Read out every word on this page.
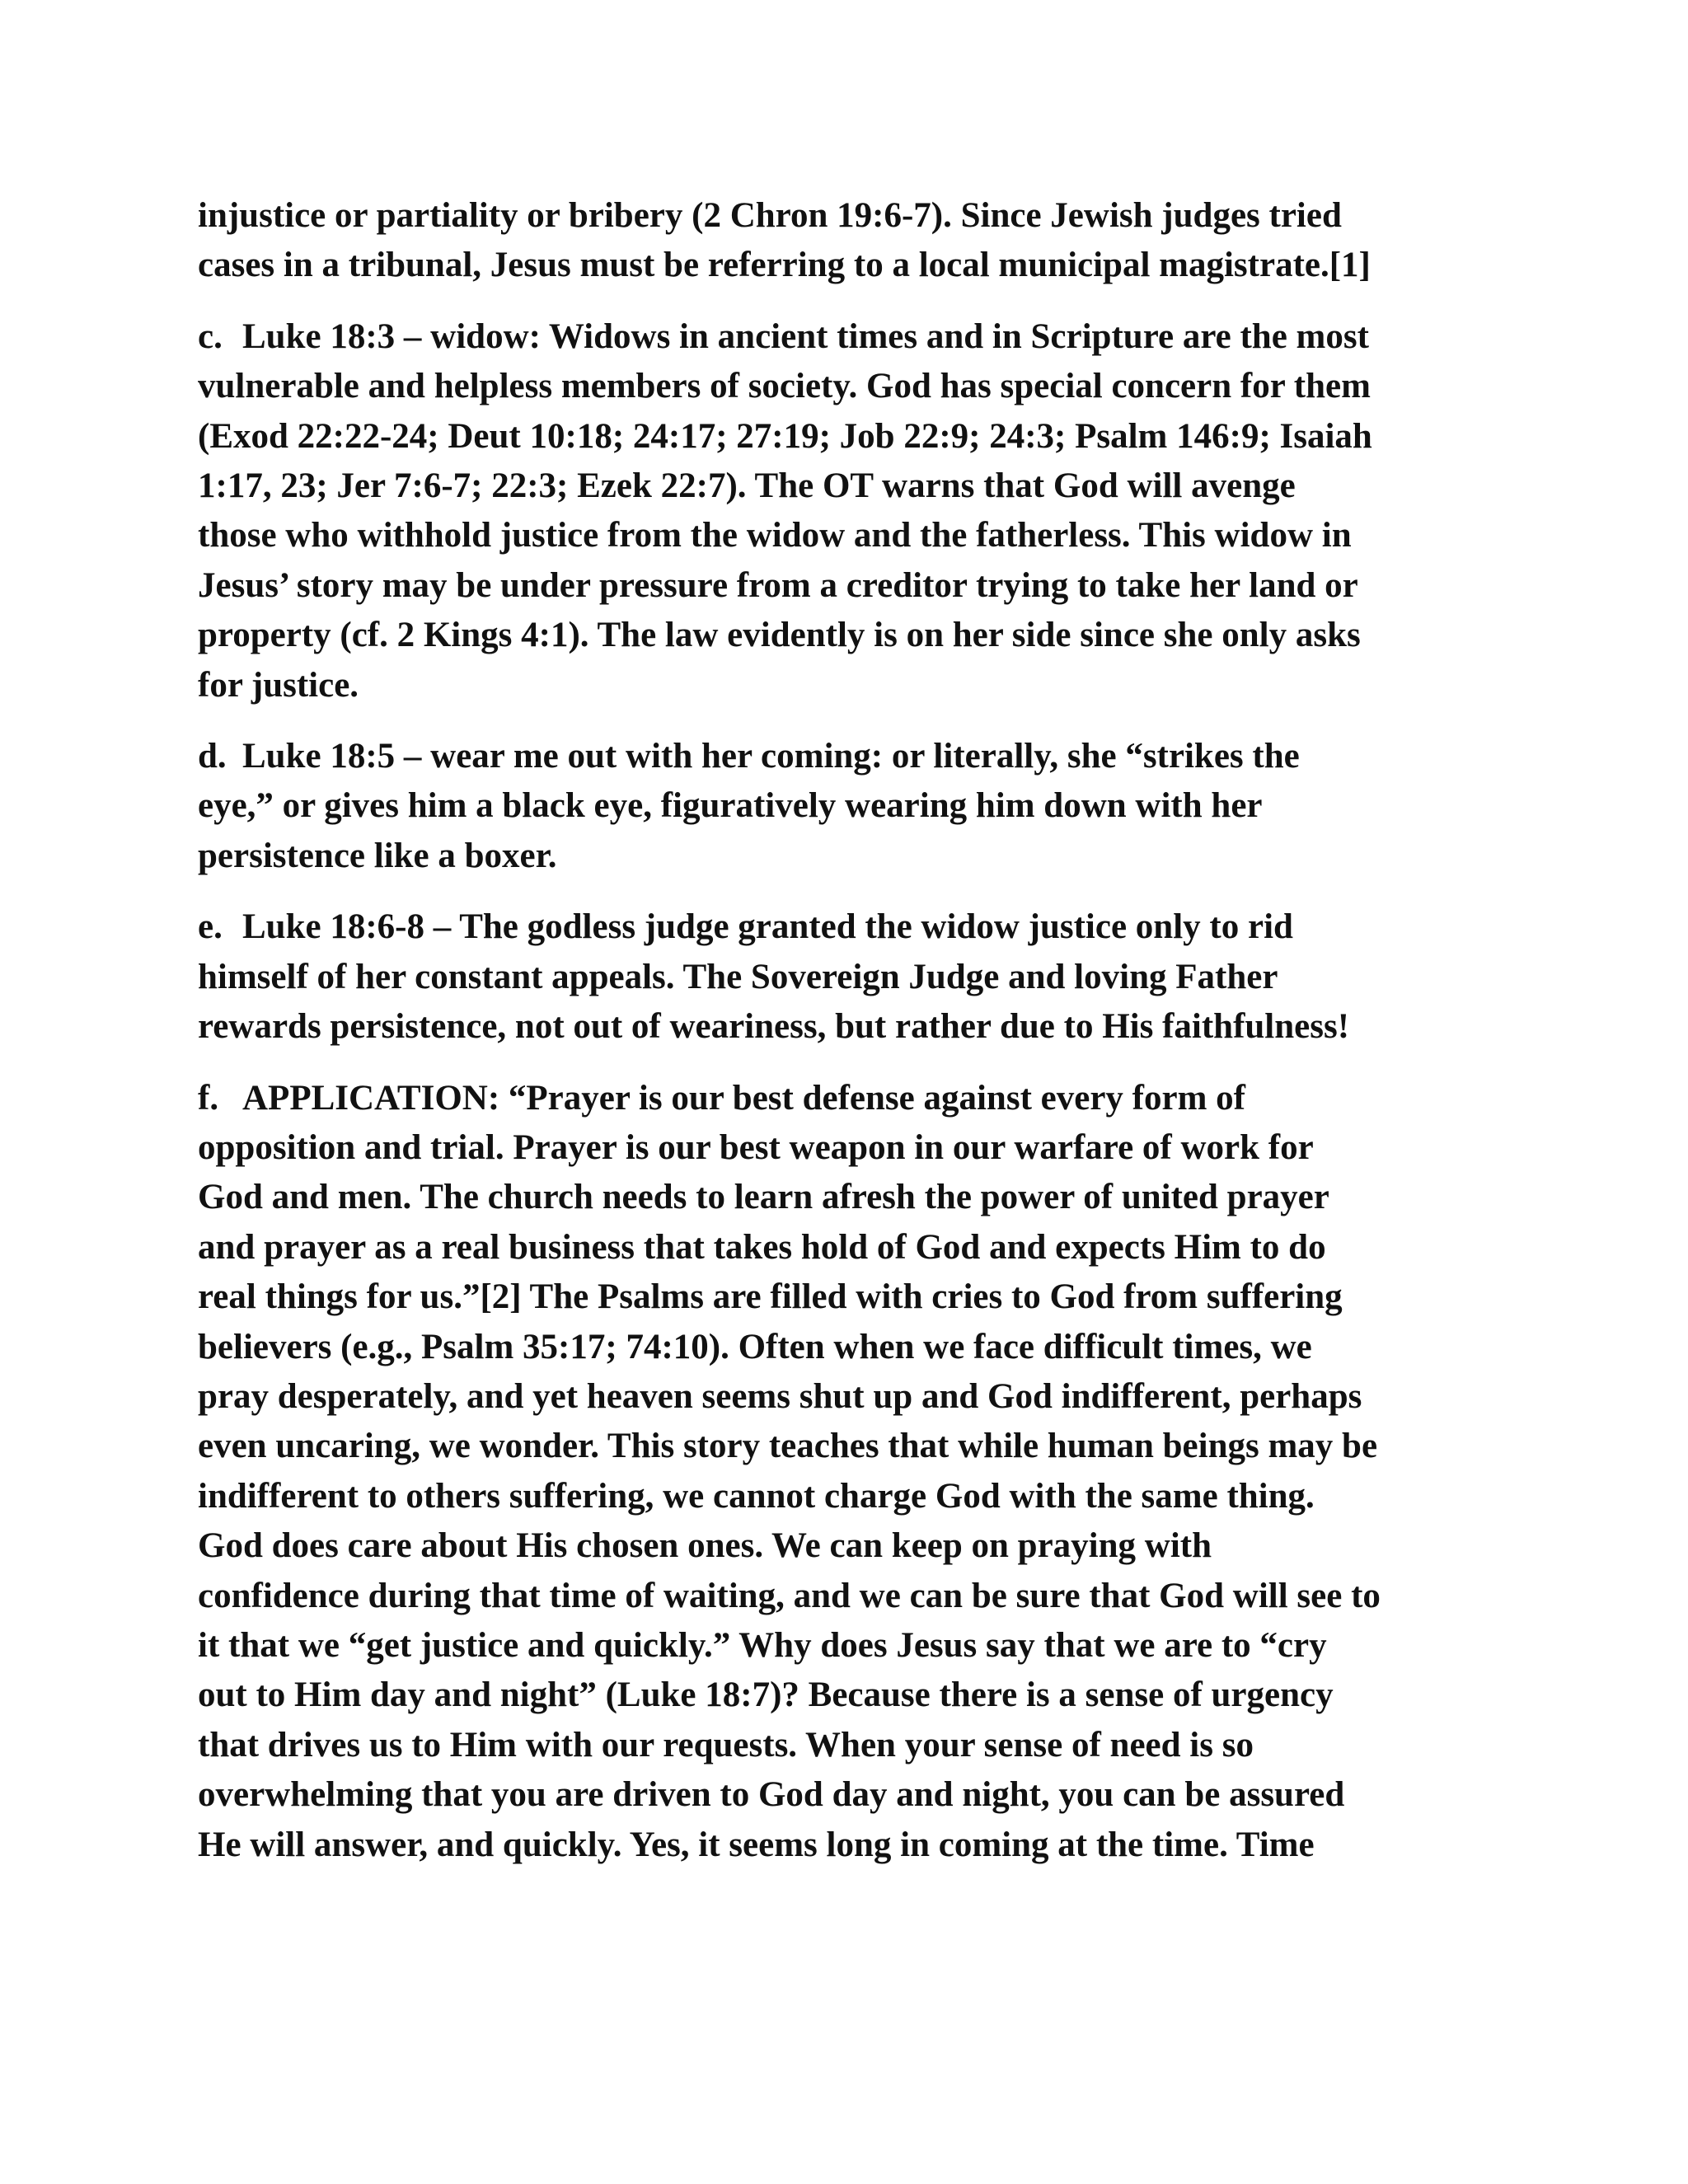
injustice or partiality or bribery (2 Chron 19:6-7). Since Jewish judges tried
cases in a tribunal, Jesus must be referring to a local municipal magistrate.[1]

c. Luke 18:3 – widow: Widows in ancient times and in Scripture are the most
vulnerable and helpless members of society. God has special concern for them
(Exod 22:22-24; Deut 10:18; 24:17; 27:19; Job 22:9; 24:3; Psalm 146:9; Isaiah
1:17, 23; Jer 7:6-7; 22:3; Ezek 22:7). The OT warns that God will avenge
those who withhold justice from the widow and the fatherless. This widow in
Jesus’ story may be under pressure from a creditor trying to take her land or
property (cf. 2 Kings 4:1). The law evidently is on her side since she only asks
for justice.

d. Luke 18:5 – wear me out with her coming: or literally, she “strikes the
eye,” or gives him a black eye, figuratively wearing him down with her
persistence like a boxer.

e. Luke 18:6-8 – The godless judge granted the widow justice only to rid
himself of her constant appeals. The Sovereign Judge and loving Father
rewards persistence, not out of weariness, but rather due to His faithfulness!

f. APPLICATION: “Prayer is our best defense against every form of
opposition and trial. Prayer is our best weapon in our warfare of work for
God and men. The church needs to learn afresh the power of united prayer
and prayer as a real business that takes hold of God and expects Him to do
real things for us.”[2] The Psalms are filled with cries to God from suffering
believers (e.g., Psalm 35:17; 74:10). Often when we face difficult times, we
pray desperately, and yet heaven seems shut up and God indifferent, perhaps
even uncaring, we wonder. This story teaches that while human beings may be
indifferent to others suffering, we cannot charge God with the same thing.
God does care about His chosen ones. We can keep on praying with
confidence during that time of waiting, and we can be sure that God will see to
it that we “get justice and quickly.” Why does Jesus say that we are to “cry
out to Him day and night” (Luke 18:7)? Because there is a sense of urgency
that drives us to Him with our requests. When your sense of need is so
overwhelming that you are driven to God day and night, you can be assured
He will answer, and quickly. Yes, it seems long in coming at the time. Time
